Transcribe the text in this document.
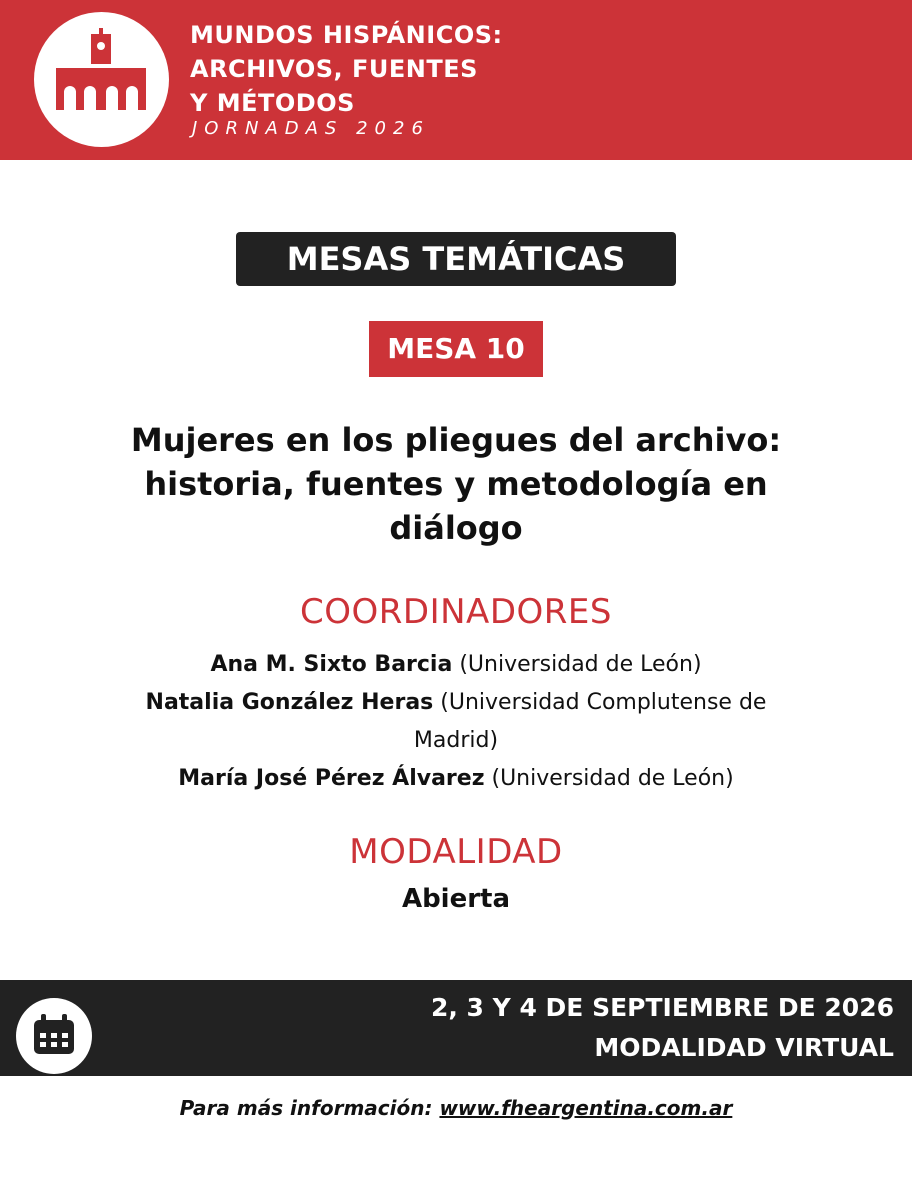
MUNDOS HISPÁNICOS:
ARCHIVOS, FUENTES
Y MÉTODOS
JORNADAS 2026
MESAS TEMÁTICAS
MESA 10
Mujeres en los pliegues del archivo:
historia, fuentes y metodología en
diálogo
COORDINADORES
Ana M. Sixto Barcia (Universidad de León)
Natalia González Heras (Universidad Complutense de
Madrid)
María José Pérez Álvarez (Universidad de León)
MODALIDAD
Abierta
2, 3 Y 4 DE SEPTIEMBRE DE 2026
MODALIDAD VIRTUAL
Para más información: www.fheargentina.com.ar
